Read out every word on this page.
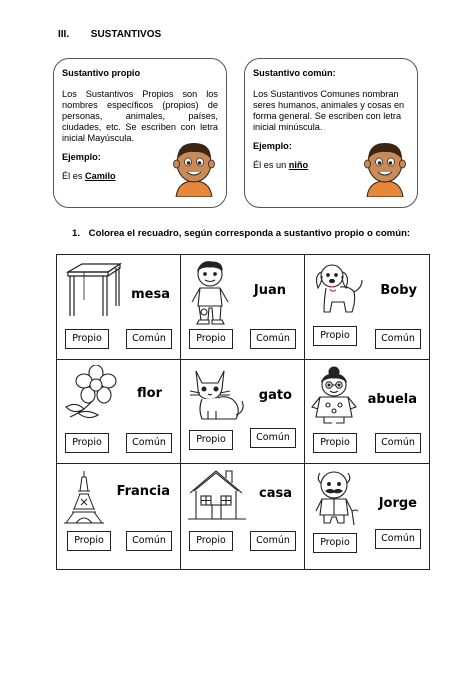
III. SUSTANTIVOS
Sustantivo propio
Los Sustantivos Propios son los nombres específicos (propios) de personas, animales, países, ciudades, etc. Se escriben con letra inicial Mayúscula.
Ejemplo:
Él es Camilo
Sustantivo común:
Los Sustantivos Comunes nombran seres humanos, animales y cosas en forma general. Se escriben con letra inicial minúscula.
Ejemplo:
Él es un niño
1. Colorea el recuadro, según corresponda a sustantivo propio o común:
mesa
Propio	Común
Juan
Propio	Común
Boby
Propio	Común
flor
Propio	Común
gato
Propio	Común
abuela
Propio	Común
Francia
Propio	Común
casa
Propio	Común
Jorge
Propio	Común
